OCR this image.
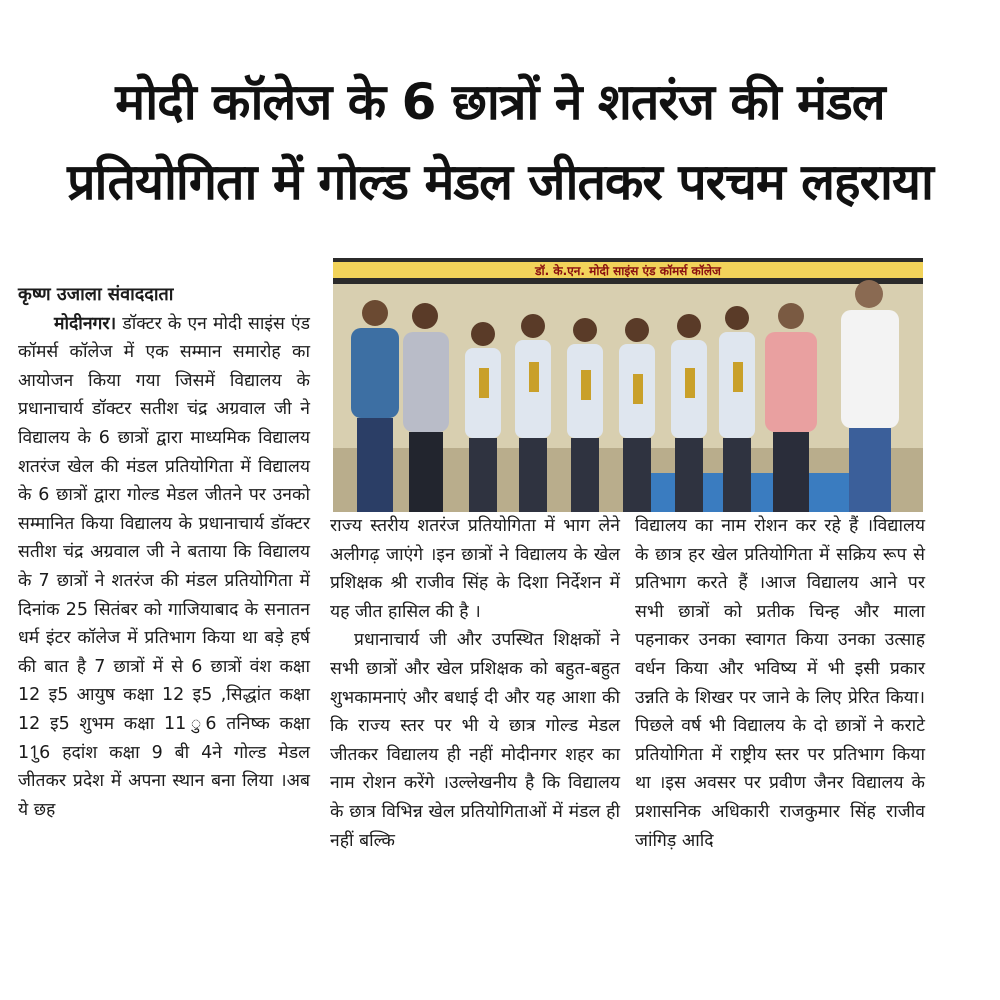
मोदी कॉलेज के 6 छात्रों ने शतरंज की मंडल
प्रतियोगिता में गोल्ड मेडल जीतकर परचम लहराया
डॉ. के.एन. मोदी साइंस एंड कॉमर्स कॉलेज

कृष्ण उजाला संवाददाता

मोदीनगर। डॉक्टर के एन मोदी साइंस एंड कॉमर्स कॉलेज में एक सम्मान समारोह का आयोजन किया गया जिसमें विद्यालय के प्रधानाचार्य डॉक्टर सतीश चंद्र अग्रवाल जी ने विद्यालय के 6 छात्रों द्वारा माध्यमिक विद्यालय शतरंज खेल की मंडल प्रतियोगिता में विद्यालय के 6 छात्रों द्वारा गोल्ड मेडल जीतने पर उनको सम्मानित किया विद्यालय के प्रधानाचार्य डॉक्टर सतीश चंद्र अग्रवाल जी ने बताया कि विद्यालय के 7 छात्रों ने शतरंज की मंडल प्रतियोगिता में दिनांक 25 सितंबर को गाजियाबाद के सनातन धर्म इंटर कॉलेज में प्रतिभाग किया था बड़े हर्ष की बात है 7 छात्रों में से 6 छात्रों वंश कक्षा 12 इ5 आयुष कक्षा 12 इ5 ,सिद्धांत कक्षा 12 इ5 शुभम कक्षा 11 ु6 तनिष्क कक्षा 11ु6 हदांश कक्षा 9 बी 4ने गोल्ड मेडल जीतकर प्रदेश में अपना स्थान बना लिया ।अब ये छह

राज्य स्तरीय शतरंज प्रतियोगिता में भाग लेने अलीगढ़ जाएंगे ।इन छात्रों ने विद्यालय के खेल प्रशिक्षक श्री राजीव सिंह के दिशा निर्देशन में यह जीत हासिल की है ।

प्रधानाचार्य जी और उपस्थित शिक्षकों ने सभी छात्रों और खेल प्रशिक्षक को बहुत-बहुत शुभकामनाएं और बधाई दी और यह आशा की कि राज्य स्तर पर भी ये छात्र गोल्ड मेडल जीतकर विद्यालय ही नहीं मोदीनगर शहर का नाम रोशन करेंगे ।उल्लेखनीय है कि विद्यालय के छात्र विभिन्न खेल प्रतियोगिताओं में मंडल ही नहीं बल्कि

विद्यालय का नाम रोशन कर रहे हैं ।विद्यालय के छात्र हर खेल प्रतियोगिता में सक्रिय रूप से प्रतिभाग करते हैं ।आज विद्यालय आने पर सभी छात्रों को प्रतीक चिन्ह और माला पहनाकर उनका स्वागत किया उनका उत्साह वर्धन किया और भविष्य में भी इसी प्रकार उन्नति के शिखर पर जाने के लिए प्रेरित किया। पिछले वर्ष भी विद्यालय के दो छात्रों ने कराटे प्रतियोगिता में राष्ट्रीय स्तर पर प्रतिभाग किया था ।इस अवसर पर प्रवीण जैनर विद्यालय के प्रशासनिक अधिकारी राजकुमार सिंह राजीव जांगिड़ आदि
